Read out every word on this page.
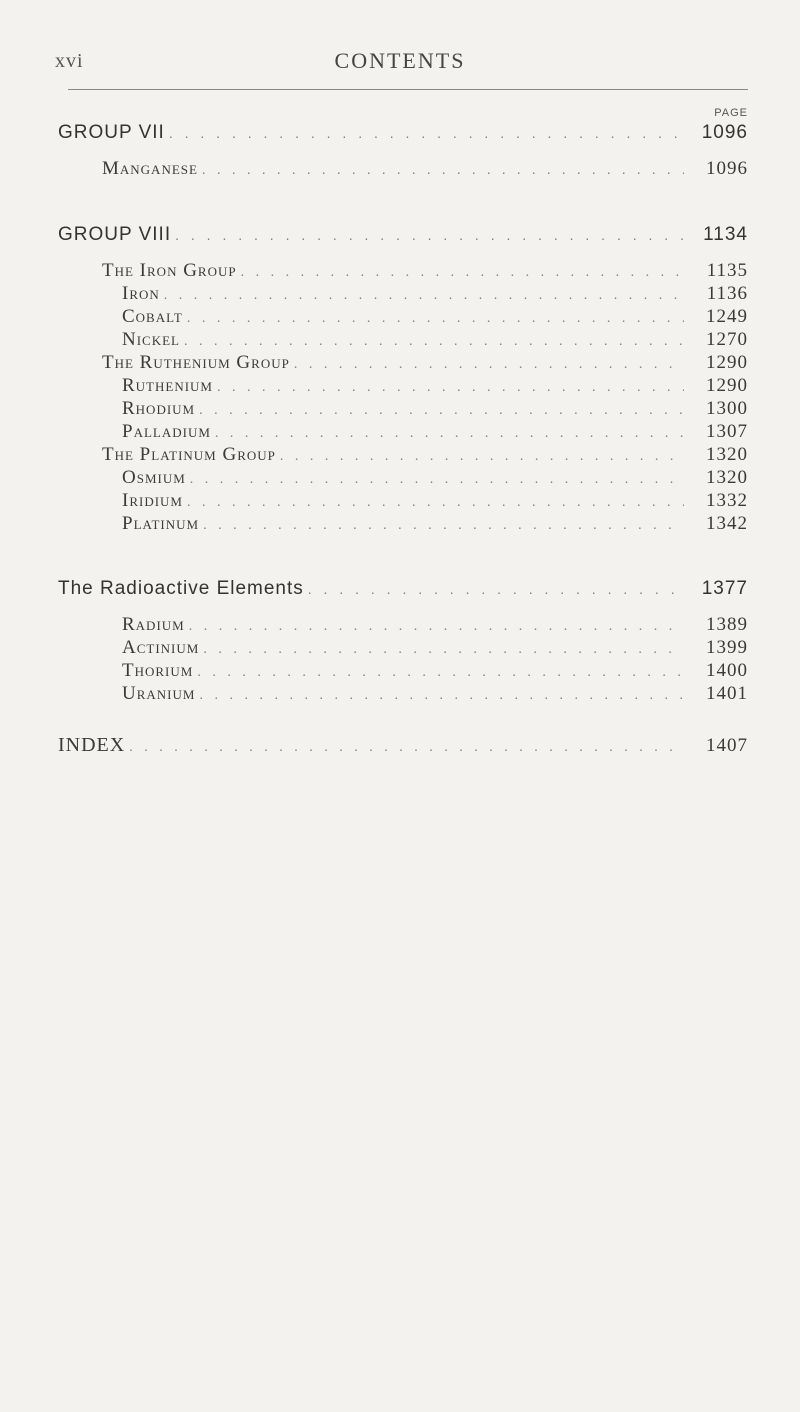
xvi	CONTENTS
PAGE
GROUP VII . . .	1096
Manganese . . .	1096
GROUP VIII . . .	1134
The Iron Group . . .	1135
Iron . . .	1136
Cobalt . . .	1249
Nickel . . .	1270
The Ruthenium Group . . .	1290
Ruthenium . . .	1290
Rhodium . . .	1300
Palladium . . .	1307
The Platinum Group . . .	1320
Osmium . . .	1320
Iridium . . .	1332
Platinum . . .	1342
The Radioactive Elements . . .	1377
Radium . . .	1389
Actinium . . .	1399
Thorium . . .	1400
Uranium . . .	1401
INDEX . . .	1407
